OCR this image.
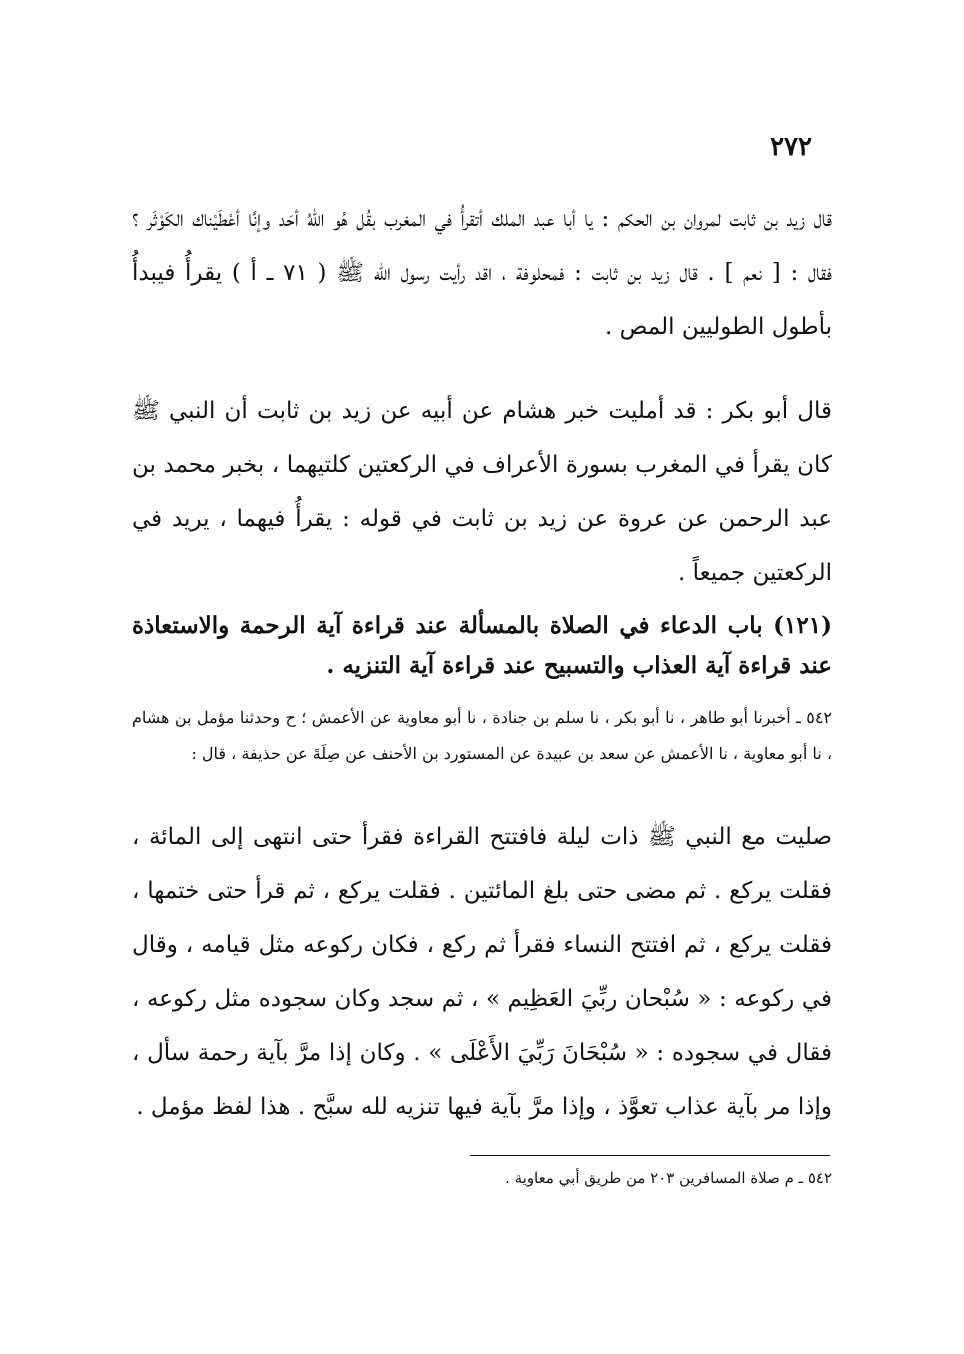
٢٧٢
قال زيد بن ثابت لمروان بن الحكم : يا أبا عبد الملك أتقرأُ في المغرب بقُل هُو اللهُ أحَد وإنَّا أعْطَيْناك الكَوْثَر ؟ فقال : [ نعم ] . قال زيد بن ثابت : فمحلوفة ، اقد رأيت رسول الله ﷺ ( ٧١ ـ أ ) يقرأُ فيبدأُ بأطول الطوليين المص .
قال أبو بكر : قد أمليت خبر هشام عن أبيه عن زيد بن ثابت أن النبي ﷺ كان يقرأ في المغرب بسورة الأعراف في الركعتين كلتيهما ، بخبر محمد بن عبد الرحمن عن عروة عن زيد بن ثابت في قوله : يقرأُ فيهما ، يريد في الركعتين جميعاً .
(١٢١) باب الدعاء في الصلاة بالمسألة عند قراءة آية الرحمة والاستعاذة عند قراءة آية العذاب والتسبيح عند قراءة آية التنزيه .
٥٤٢ ـ أخبرنا أبو طاهر ، نا أبو بكر ، نا سلم بن جنادة ، نا أبو معاوية عن الأعمش ؛ ح وحدثنا مؤمل بن هشام ، نا أبو معاوية ، نا الأعمش عن سعد بن عبيدة عن المستورد بن الأحنف عن صِلَةَ عن حذيفة ، قال :
صليت مع النبي ﷺ ذات ليلة فافتتح القراءة فقرأ حتى انتهى إلى المائة ، فقلت يركع . ثم مضى حتى بلغ المائتين . فقلت يركع ، ثم قرأ حتى ختمها ، فقلت يركع ، ثم افتتح النساء فقرأ ثم ركع ، فكان ركوعه مثل قيامه ، وقال في ركوعه : « سُبْحان ربِّيَ العَظِيم » ، ثم سجد وكان سجوده مثل ركوعه ، فقال في سجوده : « سُبْحَانَ رَبِّيَ الأَعْلَى » . وكان إذا مرَّ بآية رحمة سأل ، وإذا مر بآية عذاب تعوَّذ ، وإذا مرَّ بآية فيها تنزيه لله سبَّح . هذا لفظ مؤمل .
٥٤٢ ـ م صلاة المسافرين ٢٠٣ من طريق أبي معاوية .
